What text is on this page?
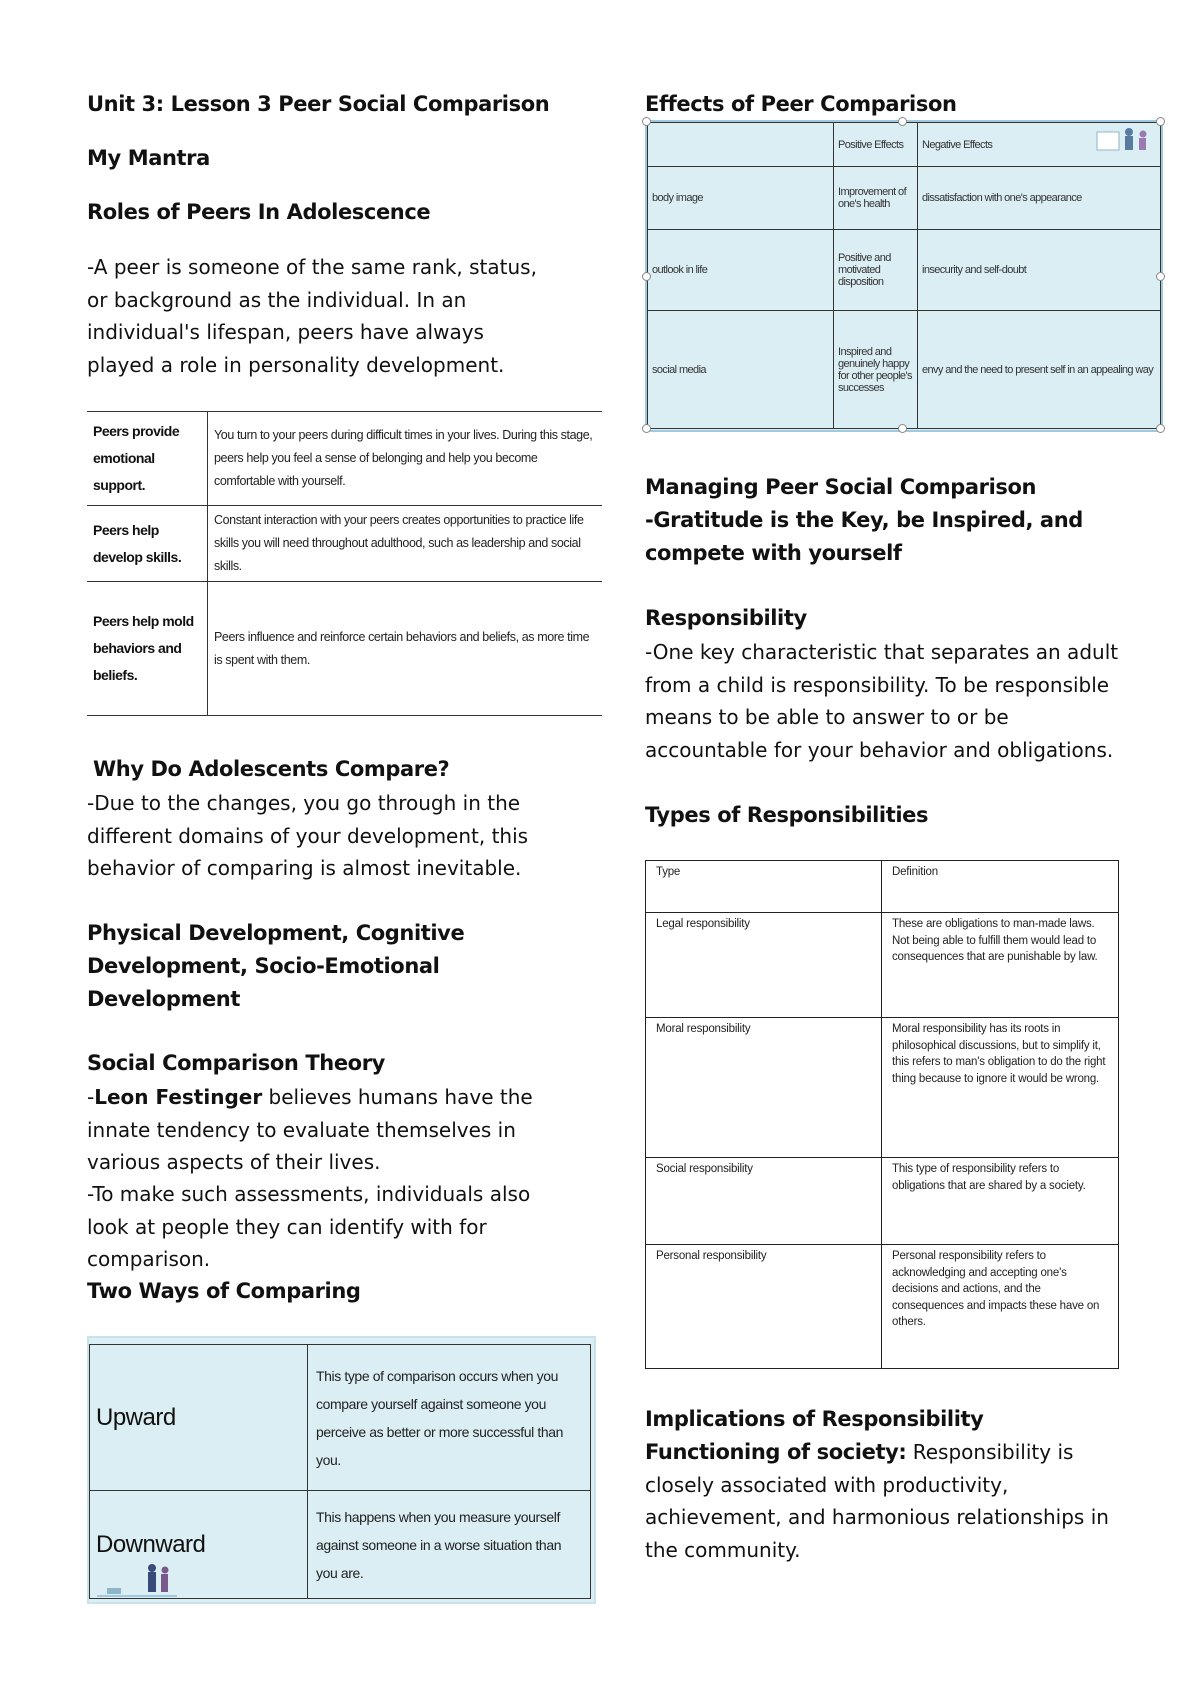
Unit 3: Lesson 3 Peer Social Comparison

My Mantra

Roles of Peers In Adolescence

-A peer is someone of the same rank, status, or background as the individual. In an individual's lifespan, peers have always played a role in personality development.

Peers provide emotional support.	You turn to your peers during difficult times in your lives. During this stage, peers help you feel a sense of belonging and help you become comfortable with yourself.
Peers help develop skills.	Constant interaction with your peers creates opportunities to practice life skills you will need throughout adulthood, such as leadership and social skills.
Peers help mold behaviors and beliefs.	Peers influence and reinforce certain behaviors and beliefs, as more time is spent with them.

Why Do Adolescents Compare?

-Due to the changes, you go through in the different domains of your development, this behavior of comparing is almost inevitable.

Physical Development, Cognitive Development, Socio-Emotional Development

Social Comparison Theory

-Leon Festinger believes humans have the innate tendency to evaluate themselves in various aspects of their lives.

-To make such assessments, individuals also look at people they can identify with for comparison.

Two Ways of Comparing

Upward	This type of comparison occurs when you compare yourself against someone you perceive as better or more successful than you.
Downward	This happens when you measure yourself against someone in a worse situation than you are.

Effects of Peer Comparison

	Positive Effects	Negative Effects
body image	Improvement of one's health	dissatisfaction with one's appearance
outlook in life	Positive and motivated disposition	insecurity and self-doubt
social media	Inspired and genuinely happy for other people's successes	envy and the need to present self in an appealing way

Managing Peer Social Comparison

-Gratitude is the Key, be Inspired, and compete with yourself

Responsibility

-One key characteristic that separates an adult from a child is responsibility. To be responsible means to be able to answer to or be accountable for your behavior and obligations.

Types of Responsibilities

Type	Definition
Legal responsibility	These are obligations to man-made laws. Not being able to fulfill them would lead to consequences that are punishable by law.
Moral responsibility	Moral responsibility has its roots in philosophical discussions, but to simplify it, this refers to man's obligation to do the right thing because to ignore it would be wrong.
Social responsibility	This type of responsibility refers to obligations that are shared by a society.
Personal responsibility	Personal responsibility refers to acknowledging and accepting one's decisions and actions, and the consequences and impacts these have on others.

Implications of Responsibility

Functioning of society: Responsibility is closely associated with productivity, achievement, and harmonious relationships in the community.
